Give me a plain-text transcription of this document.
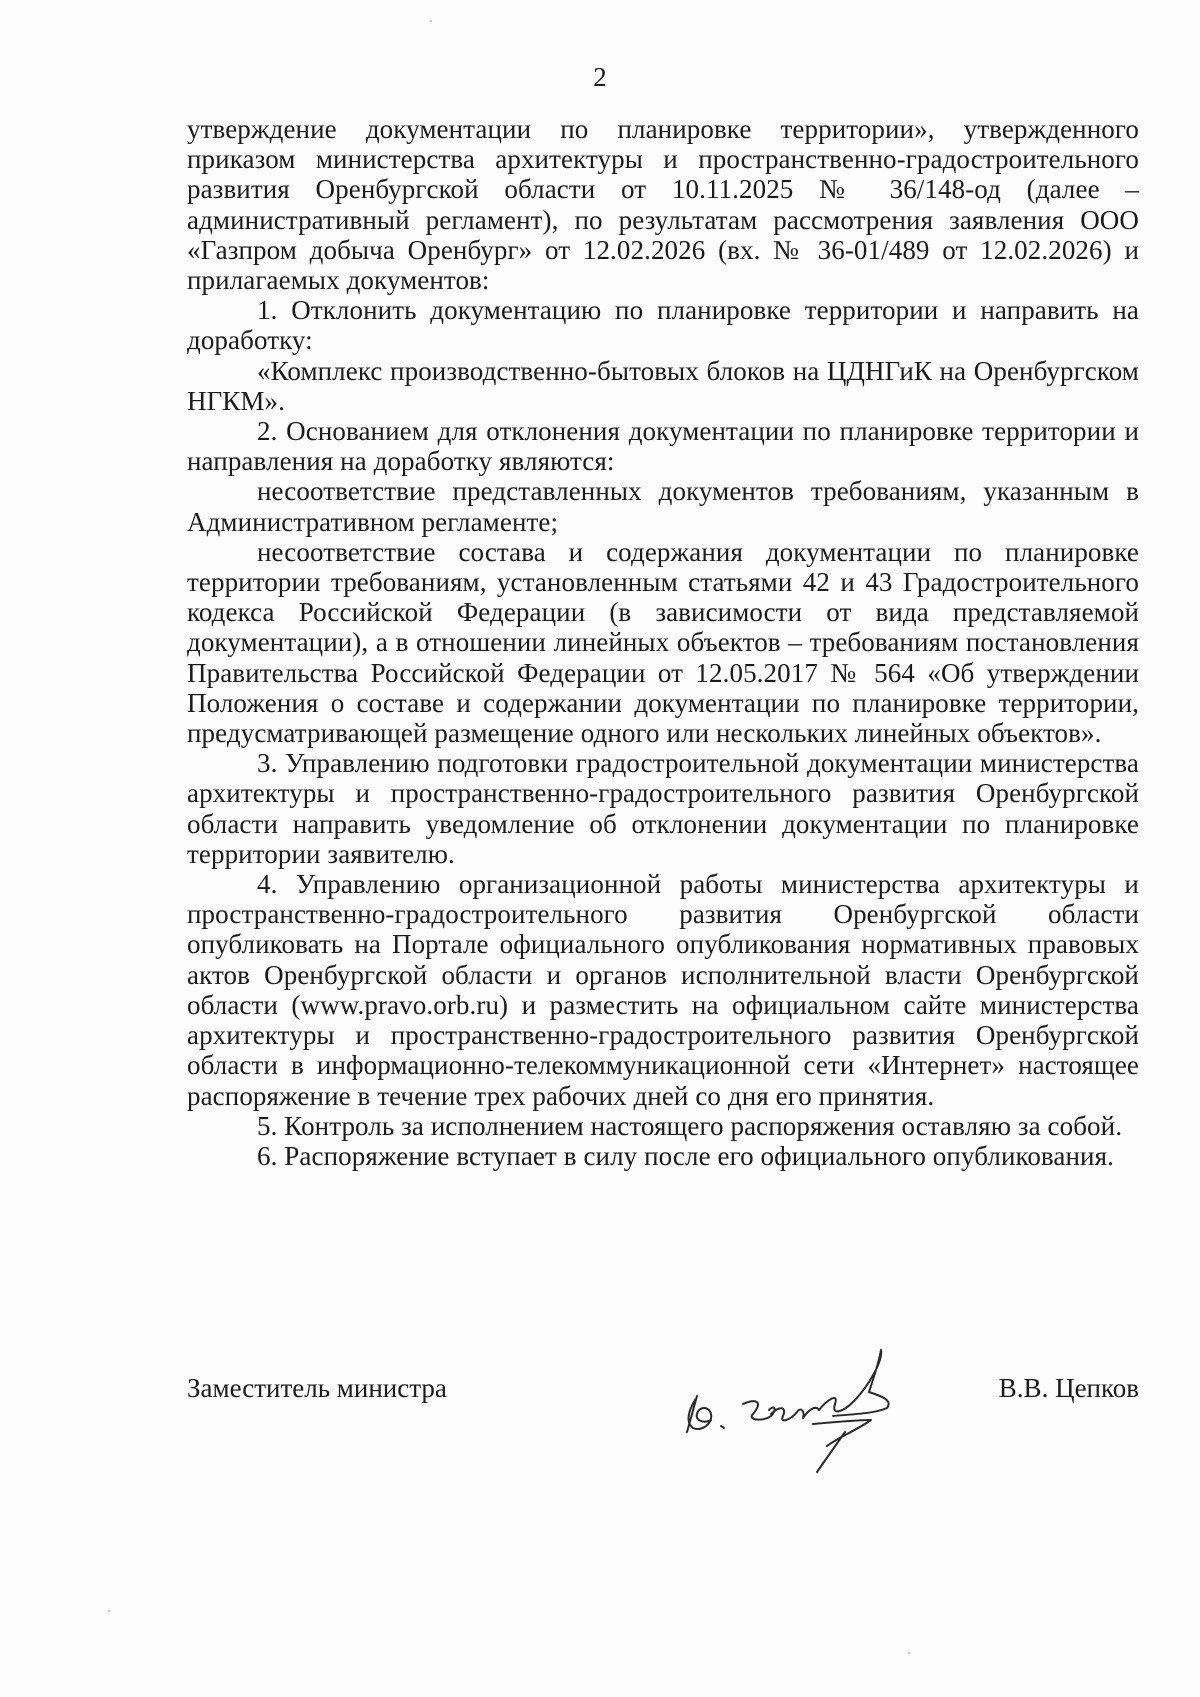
2

утверждение документации по планировке территории», утвержденного приказом министерства архитектуры и пространственно-градостроительного развития Оренбургской области от 10.11.2025 № 36/148-од (далее – административный регламент), по результатам рассмотрения заявления ООО «Газпром добыча Оренбург» от 12.02.2026 (вх. № 36-01/489 от 12.02.2026) и прилагаемых документов:

1. Отклонить документацию по планировке территории и направить на доработку:

«Комплекс производственно-бытовых блоков на ЦДНГиК на Оренбургском НГКМ».

2. Основанием для отклонения документации по планировке территории и направления на доработку являются:

несоответствие представленных документов требованиям, указанным в Административном регламенте;

несоответствие состава и содержания документации по планировке территории требованиям, установленным статьями 42 и 43 Градостроительного кодекса Российской Федерации (в зависимости от вида представляемой документации), а в отношении линейных объектов – требованиям постановления Правительства Российской Федерации от 12.05.2017 № 564 «Об утверждении Положения о составе и содержании документации по планировке территории, предусматривающей размещение одного или нескольких линейных объектов».

3. Управлению подготовки градостроительной документации министерства архитектуры и пространственно-градостроительного развития Оренбургской области направить уведомление об отклонении документации по планировке территории заявителю.

4. Управлению организационной работы министерства архитектуры и пространственно-градостроительного развития Оренбургской области опубликовать на Портале официального опубликования нормативных правовых актов Оренбургской области и органов исполнительной власти Оренбургской области (www.pravo.orb.ru) и разместить на официальном сайте министерства архитектуры и пространственно-градостроительного развития Оренбургской области в информационно-телекоммуникационной сети «Интернет» настоящее распоряжение в течение трех рабочих дней со дня его принятия.

5. Контроль за исполнением настоящего распоряжения оставляю за собой.

6. Распоряжение вступает в силу после его официального опубликования.

Заместитель министра	В.В. Цепков
